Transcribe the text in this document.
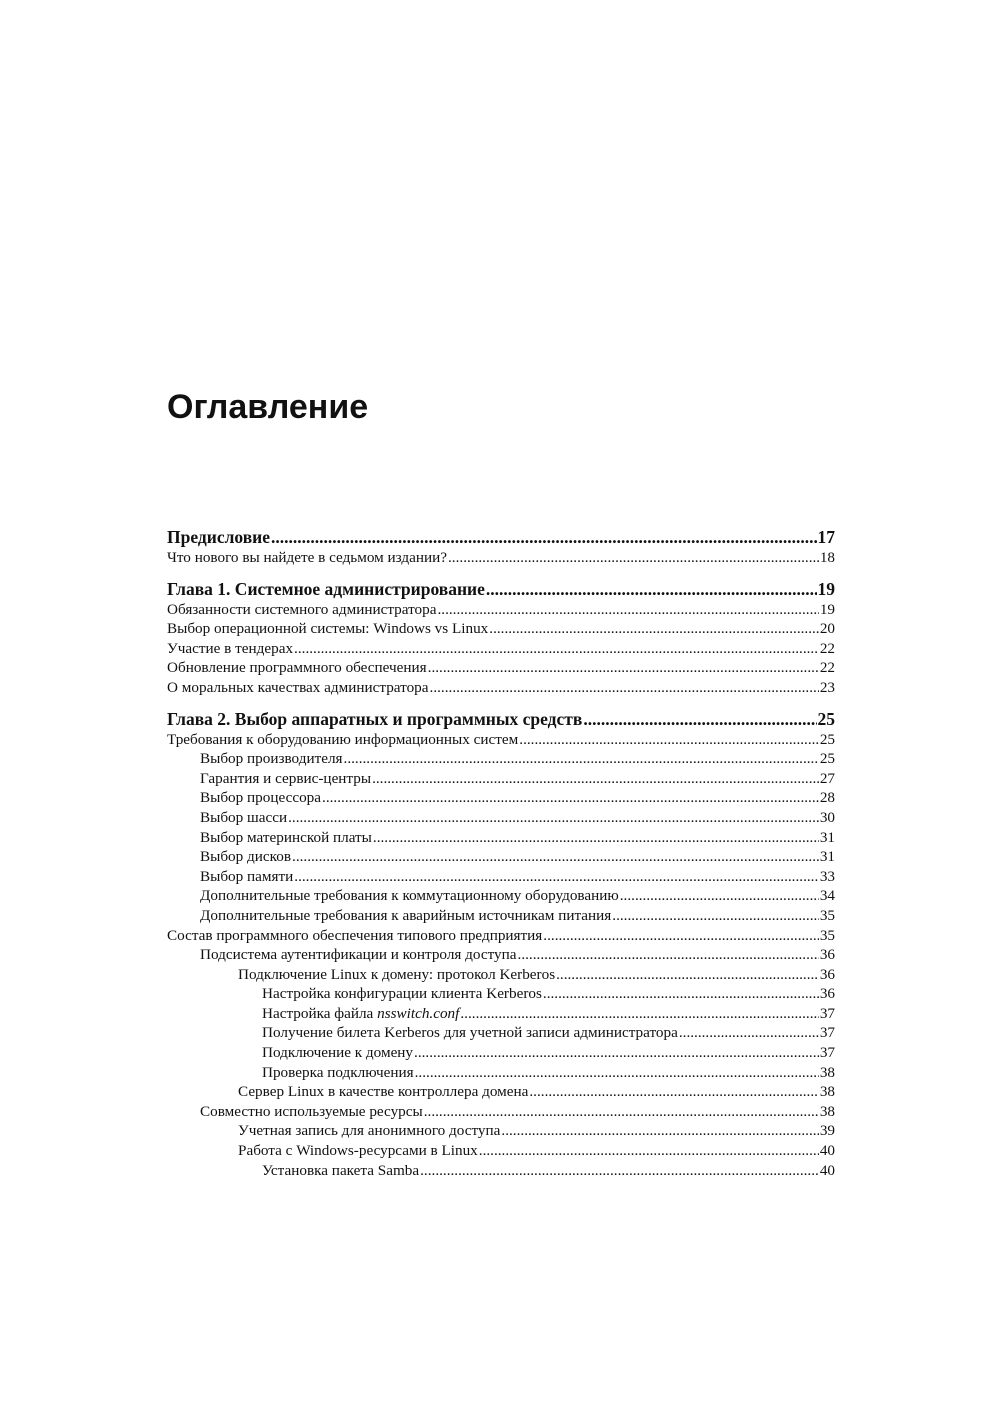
Оглавление
Предисловие .....	17
Что нового вы найдете в седьмом издании? .....	18
Глава 1. Системное администрирование .....	19
Обязанности системного администратора .....	19
Выбор операционной системы: Windows vs Linux .....	20
Участие в тендерах .....	22
Обновление программного обеспечения .....	22
О моральных качествах администратора .....	23
Глава 2. Выбор аппаратных и программных средств .....	25
Требования к оборудованию информационных систем .....	25
Выбор производителя .....	25
Гарантия и сервис-центры .....	27
Выбор процессора .....	28
Выбор шасси .....	30
Выбор материнской платы .....	31
Выбор дисков .....	31
Выбор памяти .....	33
Дополнительные требования к коммутационному оборудованию .....	34
Дополнительные требования к аварийным источникам питания .....	35
Состав программного обеспечения типового предприятия .....	35
Подсистема аутентификации и контроля доступа .....	36
Подключение Linux к домену: протокол Kerberos .....	36
Настройка конфигурации клиента Kerberos .....	36
Настройка файла nsswitch.conf .....	37
Получение билета Kerberos для учетной записи администратора .....	37
Подключение к домену .....	37
Проверка подключения .....	38
Сервер Linux в качестве контроллера домена .....	38
Совместно используемые ресурсы .....	38
Учетная запись для анонимного доступа .....	39
Работа с Windows-ресурсами в Linux .....	40
Установка пакета Samba .....	40
